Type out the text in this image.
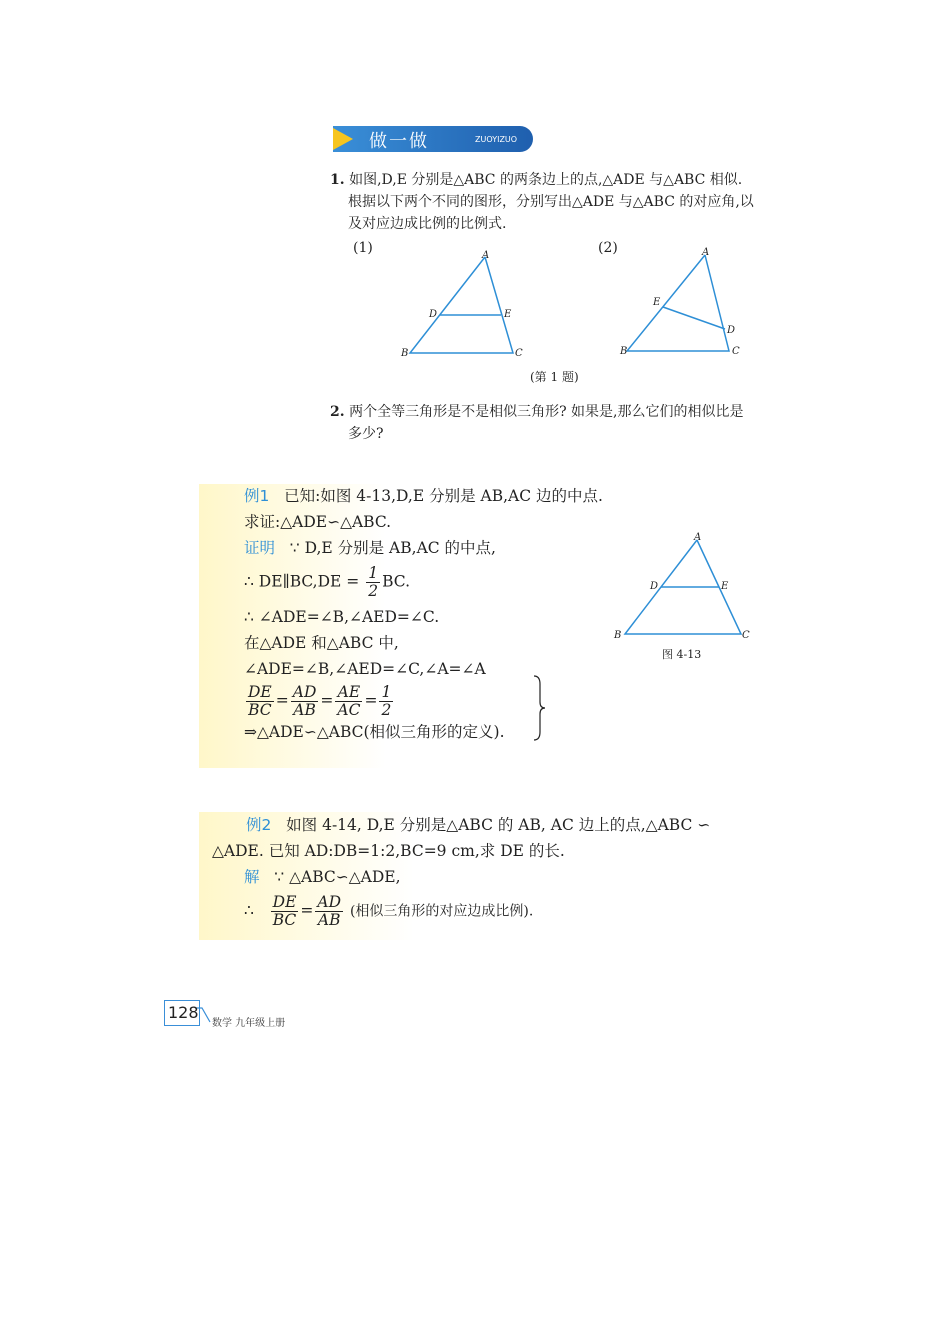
做一做	ZUOYIZUO
1. 如图,D,E 分别是△ABC 的两条边上的点,△ADE 与△ABC 相似.
根据以下两个不同的图形，分别写出△ADE 与△ABC 的对应角,以
及对应边成比例的比例式.
(1)	(2)
A
B	C
D	E
A
B	C
D
E
(第 1 题)
2. 两个全等三角形是不是相似三角形? 如果是,那么它们的相似比是
多少?
例1 已知:如图 4-13,D,E 分别是 AB,AC 边的中点.
求证:△ADE∽△ABC.
证明 ∵ D,E 分别是 AB,AC 的中点,
∴ DE∥BC,DE = $\frac{1}{2}$ BC.
∴ ∠ADE=∠B,∠AED=∠C.
在△ADE 和△ABC 中,
∠ADE=∠B,∠AED=∠C,∠A=∠A
$\frac{DE}{BC} = \frac{AD}{AB} = \frac{AE}{AC} = \frac{1}{2}$
⇒△ADE∽△ABC(相似三角形的定义).
A
B	C
D	E
图 4-13
例2 如图 4-14, D,E 分别是△ABC 的 AB, AC 边上的点,△ABC ∽
△ADE. 已知 AD:DB=1:2,BC=9 cm,求 DE 的长.
解 ∵ △ABC∽△ADE,
∴ $\frac{DE}{BC} = \frac{AD}{AB}$ (相似三角形的对应边成比例).
128
数学 九年级上册
